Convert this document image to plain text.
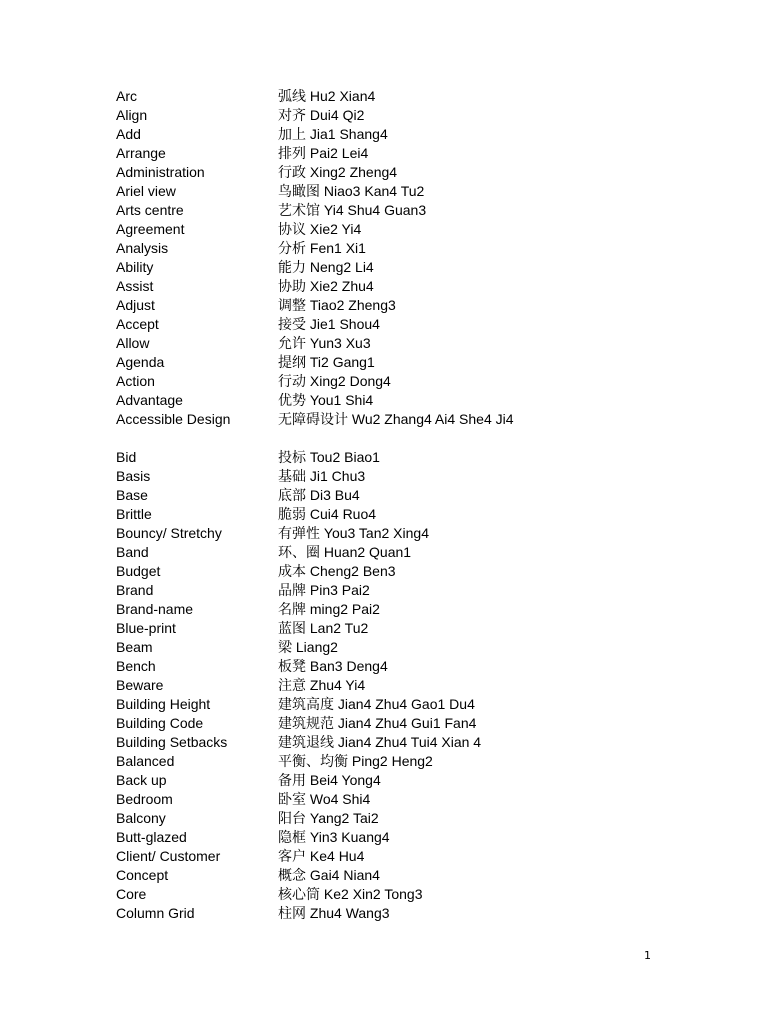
Arc	弧线 Hu2 Xian4
Align	对齐 Dui4 Qi2
Add	加上 Jia1 Shang4
Arrange	排列 Pai2 Lei4
Administration	行政 Xing2 Zheng4
Ariel view	鸟瞰图 Niao3 Kan4 Tu2
Arts centre	艺术馆 Yi4 Shu4 Guan3
Agreement	协议 Xie2 Yi4
Analysis	分析 Fen1 Xi1
Ability	能力 Neng2 Li4
Assist	协助 Xie2 Zhu4
Adjust	调整 Tiao2 Zheng3
Accept	接受 Jie1 Shou4
Allow	允许 Yun3 Xu3
Agenda	提纲 Ti2 Gang1
Action	行动 Xing2 Dong4
Advantage	优势 You1 Shi4
Accessible Design	无障碍设计 Wu2 Zhang4 Ai4 She4 Ji4
Bid	投标 Tou2 Biao1
Basis	基础 Ji1 Chu3
Base	底部 Di3 Bu4
Brittle	脆弱 Cui4 Ruo4
Bouncy/ Stretchy	有弹性 You3 Tan2 Xing4
Band	环、圈 Huan2 Quan1
Budget	成本 Cheng2 Ben3
Brand	品牌 Pin3 Pai2
Brand-name	名牌 ming2 Pai2
Blue-print	蓝图 Lan2 Tu2
Beam	梁 Liang2
Bench	板凳 Ban3 Deng4
Beware	注意 Zhu4 Yi4
Building Height	建筑高度 Jian4 Zhu4 Gao1 Du4
Building Code	建筑规范 Jian4 Zhu4 Gui1 Fan4
Building Setbacks	建筑退线 Jian4 Zhu4 Tui4 Xian 4
Balanced	平衡、均衡 Ping2 Heng2
Back up	备用 Bei4 Yong4
Bedroom	卧室 Wo4 Shi4
Balcony	阳台 Yang2 Tai2
Butt-glazed	隐框 Yin3 Kuang4
Client/ Customer	客户 Ke4 Hu4
Concept	概念 Gai4 Nian4
Core	核心筒 Ke2 Xin2 Tong3
Column Grid	柱网 Zhu4 Wang3
1
